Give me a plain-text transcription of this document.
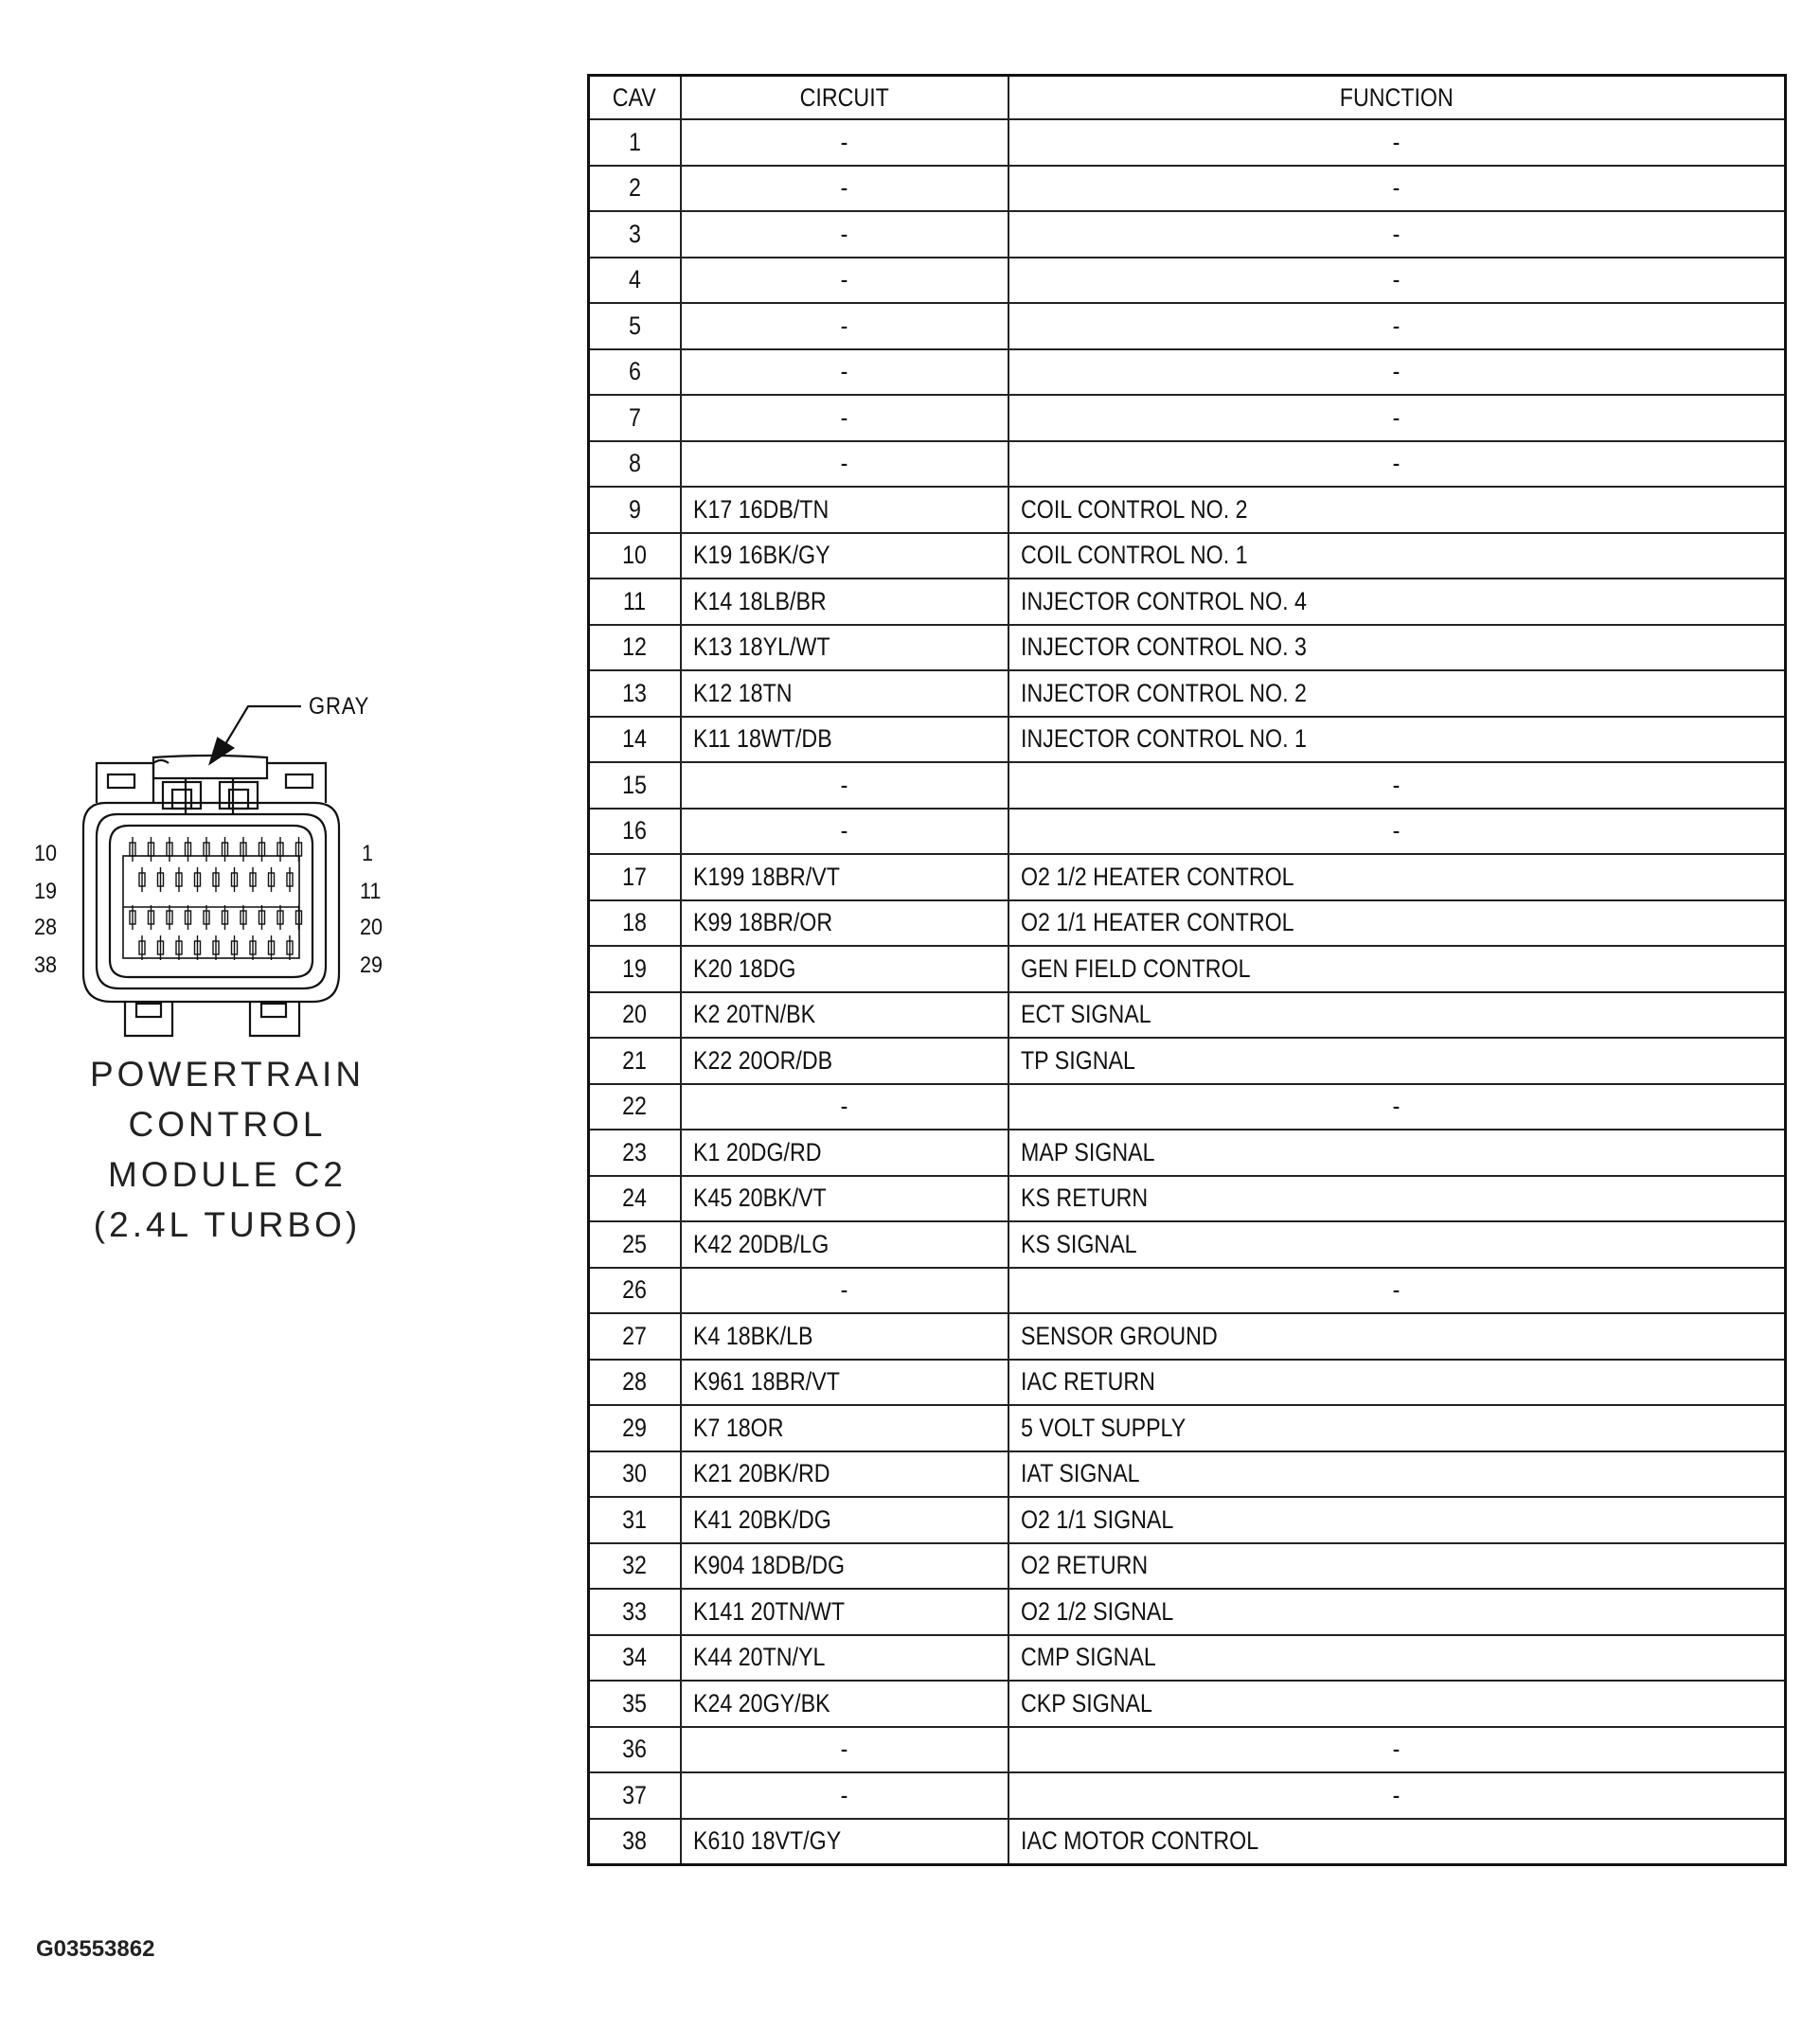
GRAY
10
19
28
38
1
11
20
29
POWERTRAIN
CONTROL
MODULE C2
(2.4L TURBO)
G03553862
CAV	CIRCUIT	FUNCTION
1	-	-
2	-	-
3	-	-
4	-	-
5	-	-
6	-	-
7	-	-
8	-	-
9	K17 16DB/TN	COIL CONTROL NO. 2
10	K19 16BK/GY	COIL CONTROL NO. 1
11	K14 18LB/BR	INJECTOR CONTROL NO. 4
12	K13 18YL/WT	INJECTOR CONTROL NO. 3
13	K12 18TN	INJECTOR CONTROL NO. 2
14	K11 18WT/DB	INJECTOR CONTROL NO. 1
15	-	-
16	-	-
17	K199 18BR/VT	O2 1/2 HEATER CONTROL
18	K99 18BR/OR	O2 1/1 HEATER CONTROL
19	K20 18DG	GEN FIELD CONTROL
20	K2 20TN/BK	ECT SIGNAL
21	K22 20OR/DB	TP SIGNAL
22	-	-
23	K1 20DG/RD	MAP SIGNAL
24	K45 20BK/VT	KS RETURN
25	K42 20DB/LG	KS SIGNAL
26	-	-
27	K4 18BK/LB	SENSOR GROUND
28	K961 18BR/VT	IAC RETURN
29	K7 18OR	5 VOLT SUPPLY
30	K21 20BK/RD	IAT SIGNAL
31	K41 20BK/DG	O2 1/1 SIGNAL
32	K904 18DB/DG	O2 RETURN
33	K141 20TN/WT	O2 1/2 SIGNAL
34	K44 20TN/YL	CMP SIGNAL
35	K24 20GY/BK	CKP SIGNAL
36	-	-
37	-	-
38	K610 18VT/GY	IAC MOTOR CONTROL
